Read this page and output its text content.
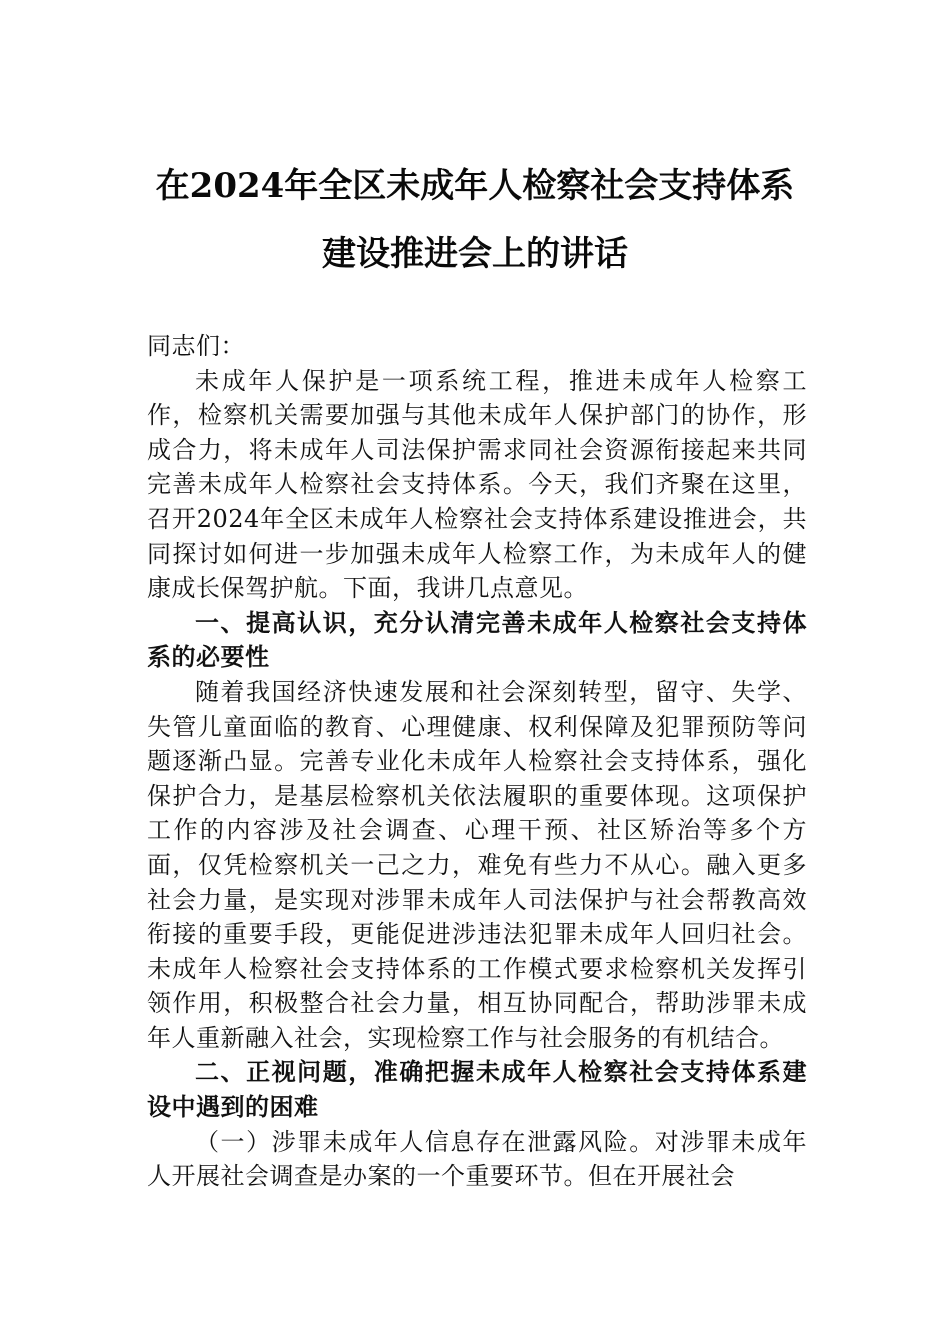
在2024年全区未成年人检察社会支持体系
建设推进会上的讲话

同志们：

未成年人保护是一项系统工程，推进未成年人检察工作，检察机关需要加强与其他未成年人保护部门的协作，形成合力，将未成年人司法保护需求同社会资源衔接起来共同完善未成年人检察社会支持体系。今天，我们齐聚在这里，召开2024年全区未成年人检察社会支持体系建设推进会，共同探讨如何进一步加强未成年人检察工作，为未成年人的健康成长保驾护航。下面，我讲几点意见。

一、提高认识，充分认清完善未成年人检察社会支持体系的必要性

随着我国经济快速发展和社会深刻转型，留守、失学、失管儿童面临的教育、心理健康、权利保障及犯罪预防等问题逐渐凸显。完善专业化未成年人检察社会支持体系，强化保护合力，是基层检察机关依法履职的重要体现。这项保护工作的内容涉及社会调查、心理干预、社区矫治等多个方面，仅凭检察机关一己之力，难免有些力不从心。融入更多社会力量，是实现对涉罪未成年人司法保护与社会帮教高效衔接的重要手段，更能促进涉违法犯罪未成年人回归社会。未成年人检察社会支持体系的工作模式要求检察机关发挥引领作用，积极整合社会力量，相互协同配合，帮助涉罪未成年人重新融入社会，实现检察工作与社会服务的有机结合。

二、正视问题，准确把握未成年人检察社会支持体系建设中遇到的困难

（一）涉罪未成年人信息存在泄露风险。对涉罪未成年人开展社会调查是办案的一个重要环节。但在开展社会
